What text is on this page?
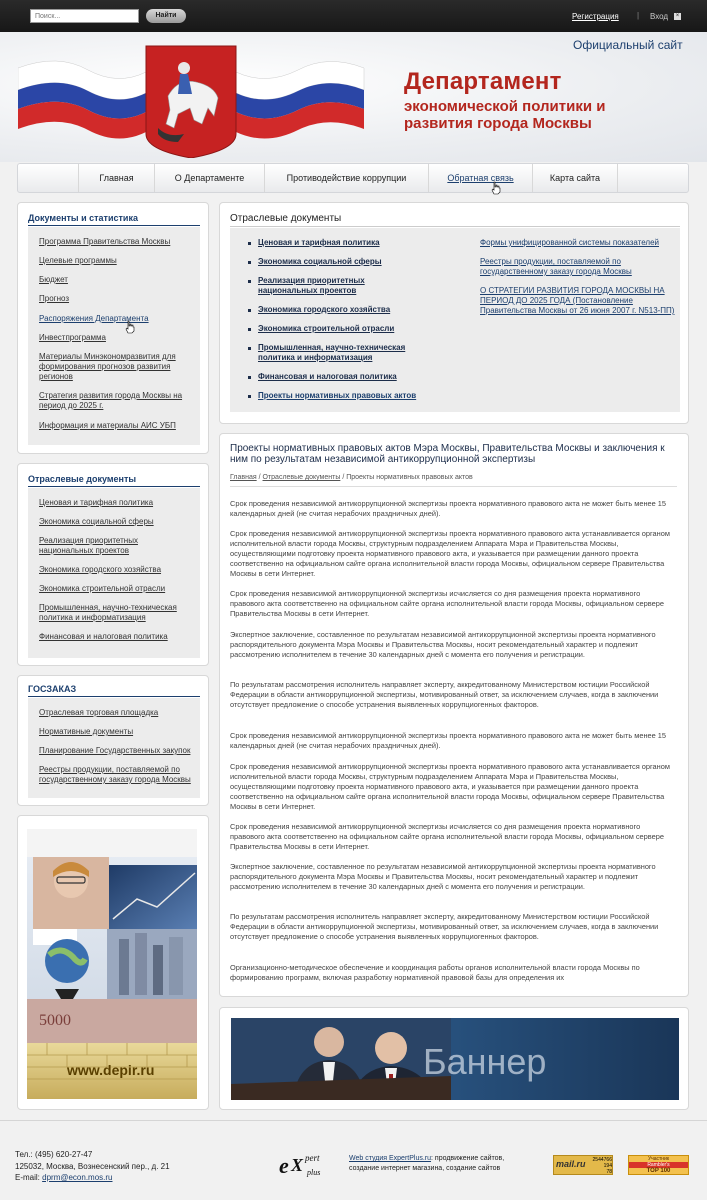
Поиск...
Найти	Регистрация | Вход ×
Официальный сайт
Департамент
экономической политики и
развития города Москвы
Главная	О Департаменте	Противодействие коррупции	Обратная связь	Карта сайта
Документы и статистика
Программа Правительства Москвы
Целевые программы
Бюджет
Прогноз
Распоряжения Департамента
Инвестпрограмма
Материалы Минэкономразвития для формирования прогнозов развития регионов
Стратегия развития города Москвы на период до 2025 г.
Информация и материалы АИС УБП
Отраслевые документы
Ценовая и тарифная политика
Экономика социальной сферы
Реализация приоритетных национальных проектов
Экономика городского хозяйства
Экономика строительной отрасли
Промышленная, научно-техническая политика и информатизация
Финансовая и налоговая политика
ГОСЗАКАЗ
Отраслевая торговая площадка
Нормативные документы
Планирование Государственных закупок
Реестры продукции, поставляемой по государственному заказу города Москвы
5000
www.depir.ru
Отраслевые документы
Ценовая и тарифная политика
Экономика социальной сферы
Реализация приоритетных национальных проектов
Экономика городского хозяйства
Экономика строительной отрасли
Промышленная, научно-техническая политика и информатизация
Финансовая и налоговая политика
Проекты нормативных правовых актов
Формы унифицированной системы показателей
Реестры продукции, поставляемой по государственному заказу города Москвы
О СТРАТЕГИИ РАЗВИТИЯ ГОРОДА МОСКВЫ НА ПЕРИОД ДО 2025 ГОДА (Постановление Правительства Москвы от 26 июня 2007 г. N513-ПП)
Проекты нормативных правовых актов Мэра Москвы, Правительства Москвы и заключения к ним по результатам независимой антикоррупционной экспертизы
Главная / Отраслевые документы / Проекты нормативных правовых актов
Срок проведения независимой антикоррупционной экспертизы проекта нормативного правового акта не может быть менее 15 календарных дней (не считая нерабочих праздничных дней).
Срок проведения независимой антикоррупционной экспертизы проекта нормативного правового акта устанавливается органом исполнительной власти города Москвы, структурным подразделением Аппарата Мэра и Правительства Москвы, осуществляющими подготовку проекта нормативного правового акта, и указывается при размещении данного проекта соответственно на официальном сайте органа исполнительной власти города Москвы, официальном сервере Правительства Москвы в сети Интернет.
Срок проведения независимой антикоррупционной экспертизы исчисляется со дня размещения проекта нормативного правового акта соответственно на официальном сайте органа исполнительной власти города Москвы, официальном сервере Правительства Москвы в сети Интернет.
Экспертное заключение, составленное по результатам независимой антикоррупционной экспертизы проекта нормативного распорядительного документа Мэра Москвы и Правительства Москвы, носит рекомендательный характер и подлежит рассмотрению исполнителем в течение 30 календарных дней с момента его получения и регистрации.
По результатам рассмотрения исполнитель направляет эксперту, аккредитованному Министерством юстиции Российской Федерации в области антикоррупционной экспертизы, мотивированный ответ, за исключением случаев, когда в заключении отсутствует предложение о способе устранения выявленных коррупциогенных факторов.
Срок проведения независимой антикоррупционной экспертизы проекта нормативного правового акта не может быть менее 15 календарных дней (не считая нерабочих праздничных дней).
Срок проведения независимой антикоррупционной экспертизы проекта нормативного правового акта устанавливается органом исполнительной власти города Москвы, структурным подразделением Аппарата Мэра и Правительства Москвы, осуществляющими подготовку проекта нормативного правового акта, и указывается при размещении данного проекта соответственно на официальном сайте органа исполнительной власти города Москвы, официальном сервере Правительства Москвы в сети Интернет.
Срок проведения независимой антикоррупционной экспертизы исчисляется со дня размещения проекта нормативного правового акта соответственно на официальном сайте органа исполнительной власти города Москвы, официальном сервере Правительства Москвы в сети Интернет.
Экспертное заключение, составленное по результатам независимой антикоррупционной экспертизы проекта нормативного распорядительного документа Мэра Москвы и Правительства Москвы, носит рекомендательный характер и подлежит рассмотрению исполнителем в течение 30 календарных дней с момента его получения и регистрации.
По результатам рассмотрения исполнитель направляет эксперту, аккредитованному Министерством юстиции Российской Федерации в области антикоррупционной экспертизы, мотивированный ответ, за исключением случаев, когда в заключении отсутствует предложение о способе устранения выявленных коррупциогенных факторов.
Организационно-методическое обеспечение и координация работы органов исполнительной власти города Москвы по формированию программ, включая разработку нормативной правовой базы для определения их
Баннер
Тел.: (495) 620-27-47
125032, Москва, Вознесенский пер., д. 21
E-mail: dprm@econ.mos.ru	e X pert
plus
Web студия ExpertPlus.ru: продвижение сайтов,
создание интернет магазина, создание сайтов	mail.ru	2544766
194
78
Участник
Rambler's
TOP 100
